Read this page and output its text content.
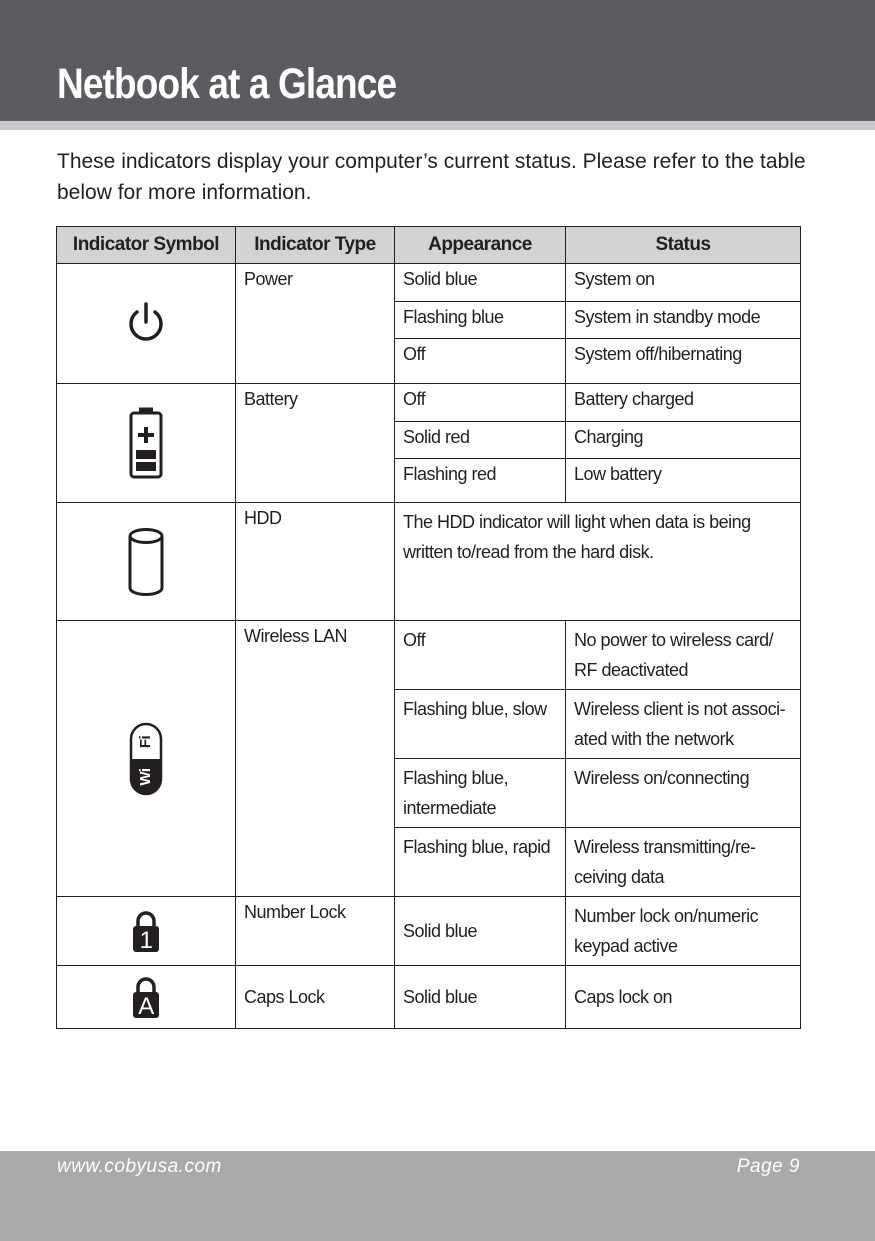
Netbook at a Glance
These indicators display your computer’s current status. Please refer to the table below for more information.
Indicator Symbol	Indicator Type	Appearance	Status
	Power	Solid blue	System on
		Flashing blue	System in standby mode
		Off	System off/hibernating
	Battery	Off	Battery charged
		Solid red	Charging
		Flashing red	Low battery
	HDD	The HDD indicator will light when data is being written to/read from the hard disk.	

Wi
Fi	Wireless LAN	Off	No power to wireless card/ RF deactivated

		Flashing blue, slow	Wireless client is not associ-ated with the network

		Flashing blue, intermediate	Wireless on/connecting

		Flashing blue, rapid	Wireless transmitting/re-ceiving data

1	Number Lock	Solid blue	Number lock on/numeric keypad active

A	Caps Lock	Solid blue	Caps lock on
www.cobyusa.com	Page 9
